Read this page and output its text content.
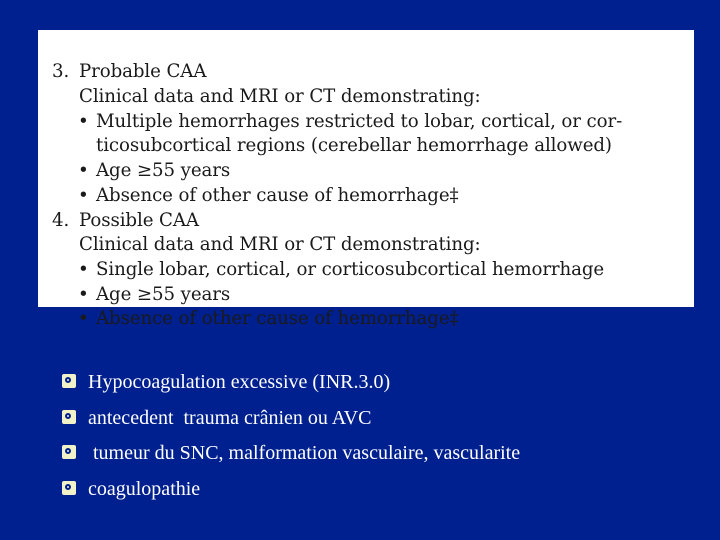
3. Probable CAA
Clinical data and MRI or CT demonstrating:
• Multiple hemorrhages restricted to lobar, cortical, or cor-
ticosubcortical regions (cerebellar hemorrhage allowed)
• Age ≥55 years
• Absence of other cause of hemorrhage‡
4. Possible CAA
Clinical data and MRI or CT demonstrating:
• Single lobar, cortical, or corticosubcortical hemorrhage
• Age ≥55 years
• Absence of other cause of hemorrhage‡
Hypocoagulation excessive (INR.3.0)
antecedent  trauma crânien ou AVC
tumeur du SNC, malformation vasculaire, vascularite
coagulopathie
